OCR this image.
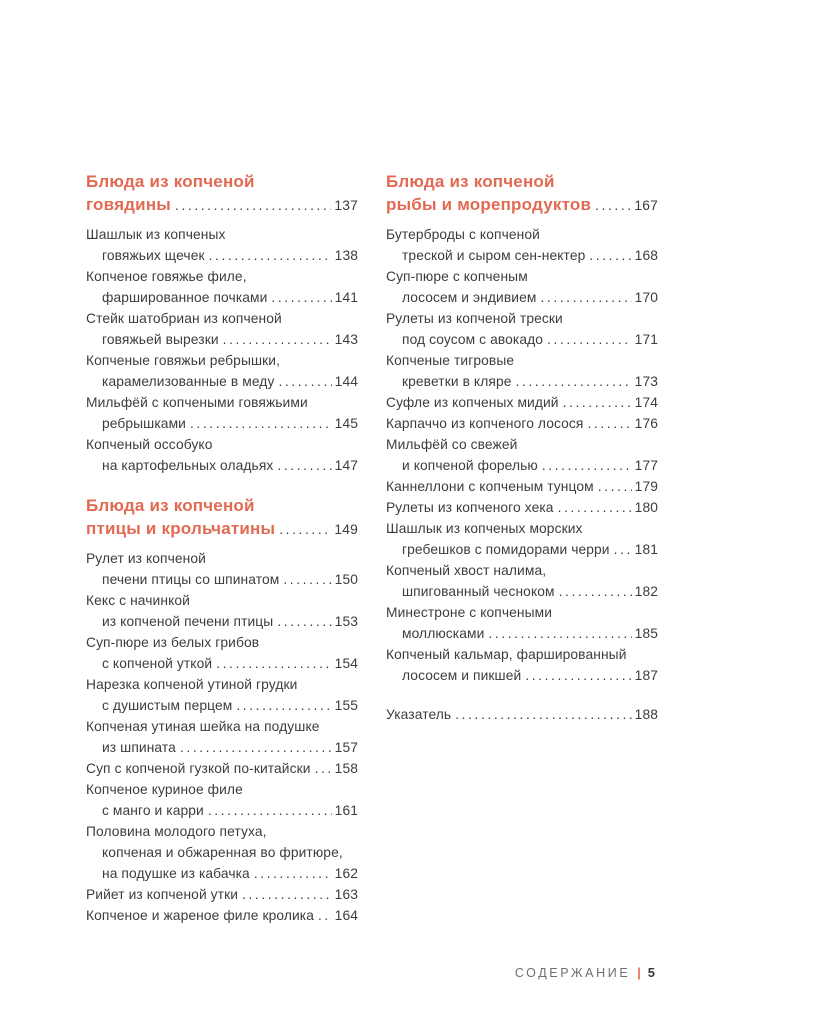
Блюда из копченой
говядины .....	137
Шашлык из копченых
говяжьих щечек .....	138
Копченое говяжье филе,
фаршированное почками .....	141
Стейк шатобриан из копченой
говяжьей вырезки .....	143
Копченые говяжьи ребрышки,
карамелизованные в меду .....	144
Мильфёй с копчеными говяжьими
ребрышками .....	145
Копченый оссобуко
на картофельных оладьях .....	147
Блюда из копченой
птицы и крольчатины .....	149
Рулет из копченой
печени птицы со шпинатом .....	150
Кекс с начинкой
из копченой печени птицы .....	153
Суп-пюре из белых грибов
с копченой уткой .....	154
Нарезка копченой утиной грудки
с душистым перцем .....	155
Копченая утиная шейка на подушке
из шпината .....	157
Суп с копченой гузкой по-китайски ..... 158
Копченое куриное филе
с манго и карри .....	161
Половина молодого петуха,
копченая и обжаренная во фритюре,
на подушке из кабачка .....	162
Рийет из копченой утки .....	163
Копченое и жареное филе кролика ..... 164
Блюда из копченой
рыбы и морепродуктов .....	167
Бутерброды с копченой
треской и сыром сен-нектер .....	168
Суп-пюре с копченым
лососем и эндивием .....	170
Рулеты из копченой трески
под соусом с авокадо .....	171
Копченые тигровые
креветки в кляре .....	173
Суфле из копченых мидий .....	174
Карпаччо из копченого лосося .....	176
Мильфёй со свежей
и копченой форелью .....	177
Каннеллони с копченым тунцом .....	179
Рулеты из копченого хека .....	180
Шашлык из копченых морских
гребешков с помидорами черри ..... 181
Копченый хвост налима,
шпигованный чесноком .....	182
Минестроне с копчеными
моллюсками .....	185
Копченый кальмар, фаршированный
лососем и пикшей .....	187
Указатель .....	188
СОДЕРЖАНИЕ | 5
